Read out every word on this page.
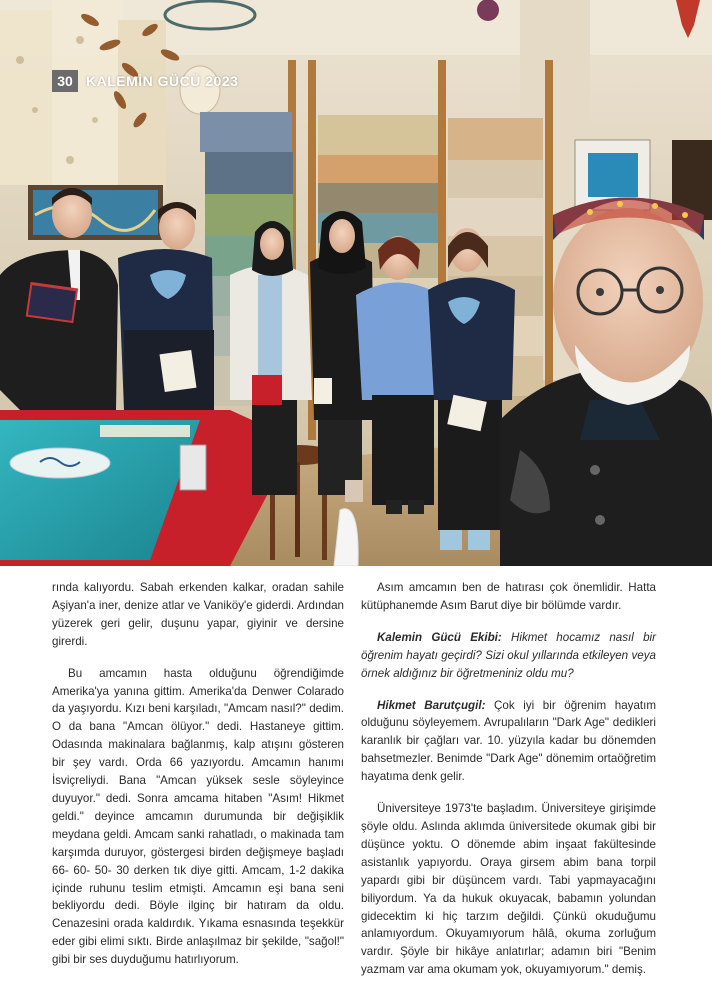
30 KALEMİN GÜCÜ 2023

rında kalıyordu. Sabah erkenden kalkar, oradan sahile Aşiyan'a iner, denize atlar ve Vaniköy'e giderdi. Ardından yüzerek geri gelir, duşunu yapar, giyinir ve dersine girerdi.

Bu amcamın hasta olduğunu öğrendiğimde Amerika'ya yanına gittim. Amerika'da Denwer Colarado da yaşıyordu. Kızı beni karşıladı, "Amcam nasıl?" dedim. O da bana "Amcan ölüyor." dedi. Hastaneye gittim. Odasında makinalara bağlanmış, kalp atışını gösteren bir şey vardı. Orda 66 yazıyordu. Amcamın hanımı İsviçreliydi. Bana "Amcan yüksek sesle söyleyince duyuyor." dedi. Sonra amcama hitaben "Asım! Hikmet geldi." deyince amcamın durumunda bir değişiklik meydana geldi. Amcam sanki rahatladı, o makinada tam karşımda duruyor, göstergesi birden değişmeye başladı 66- 60- 50- 30 derken tık diye gitti. Amcam, 1-2 dakika içinde ruhunu teslim etmişti. Amcamın eşi bana seni bekliyordu dedi. Böyle ilginç bir hatıram da oldu. Cenazesini orada kaldırdık. Yıkama esnasında teşekkür eder gibi elimi sıktı. Birde anlaşılmaz bir şekilde, "sağol!" gibi bir ses duyduğumu hatırlıyorum.

Asım amcamın ben de hatırası çok önemlidir. Hatta kütüphanemde Asım Barut diye bir bölümde vardır.

Kalemin Gücü Ekibi: Hikmet hocamız nasıl bir öğrenim hayatı geçirdi? Sizi okul yıllarında etkileyen veya örnek aldığınız bir öğretmeniniz oldu mu?

Hikmet Barutçugil: Çok iyi bir öğrenim hayatım olduğunu söyleyemem. Avrupalıların "Dark Age" dedikleri karanlık bir çağları var. 10. yüzyıla kadar bu dönemden bahsetmezler. Benimde "Dark Age" dönemim ortaöğretim hayatıma denk gelir.

Üniversiteye 1973'te başladım. Üniversiteye girişimde şöyle oldu. Aslında aklımda üniversitede okumak gibi bir düşünce yoktu. O dönemde abim inşaat fakültesinde asistanlık yapıyordu. Oraya girsem abim bana torpil yapardı gibi bir düşüncem vardı. Tabi yapmayacağını biliyordum. Ya da hukuk okuyacak, babamın yolundan gidecektim ki hiç tarzım değildi. Çünkü okuduğumu anlamıyordum. Okuyamıyorum hâlâ, okuma zorluğum vardır. Şöyle bir hikâye anlatırlar; adamın biri "Benim yazmam var ama okumam yok, okuyamıyorum." demiş.
